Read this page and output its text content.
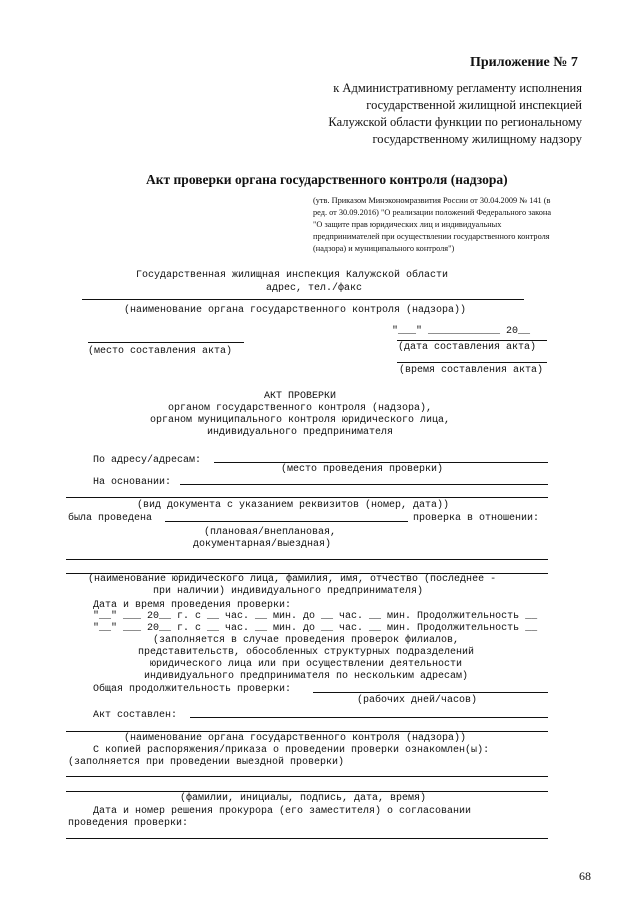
Приложение № 7
к Административному регламенту исполнения
государственной жилищной инспекцией
Калужской области функции по региональному
государственному жилищному надзору
Акт проверки органа государственного контроля (надзора)
(утв. Приказом Минэкономразвития России от 30.04.2009 № 141 (в
ред. от 30.09.2016) "О реализации положений Федерального закона
"О защите прав юридических лиц и индивидуальных
предпринимателей при осуществлении государственного контроля
(надзора) и муниципального контроля")
Государственная жилищная инспекция Калужской области
адрес, тел./факс
(наименование органа государственного контроля (надзора))
"___" ____________ 20__
(место составления акта)	(дата составления акта)
(время составления акта)
АКТ ПРОВЕРКИ
органом государственного контроля (надзора),
органом муниципального контроля юридического лица,
индивидуального предпринимателя
По адресу/адресам:
(место проведения проверки)
На основании:
(вид документа с указанием реквизитов (номер, дата))
была проведена	проверка в отношении:
(плановая/внеплановая,
документарная/выездная)
(наименование юридического лица, фамилия, имя, отчество (последнее -
при наличии) индивидуального предпринимателя)
Дата и время проведения проверки:
"__" ___ 20__ г. с __ час. __ мин. до __ час. __ мин. Продолжительность __
"__" ___ 20__ г. с __ час. __ мин. до __ час. __ мин. Продолжительность __
(заполняется в случае проведения проверок филиалов,
представительств, обособленных структурных подразделений
юридического лица или при осуществлении деятельности
индивидуального предпринимателя по нескольким адресам)
Общая продолжительность проверки:
(рабочих дней/часов)
Акт составлен:
(наименование органа государственного контроля (надзора))
С копией распоряжения/приказа о проведении проверки ознакомлен(ы):
(заполняется при проведении выездной проверки)
(фамилии, инициалы, подпись, дата, время)
Дата и номер решения прокурора (его заместителя) о согласовании
проведения проверки:
68
